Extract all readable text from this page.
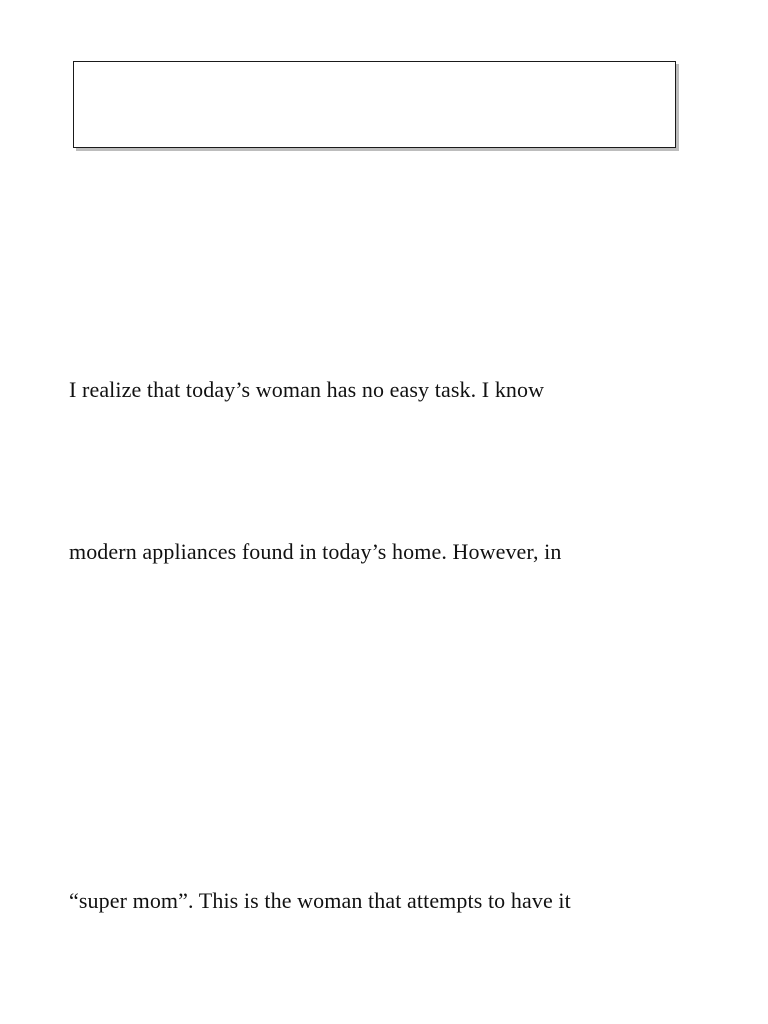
I realize that today’s woman has no easy task. I know
modern appliances found in today’s home. However, in
“super mom”. This is the woman that attempts to have it
